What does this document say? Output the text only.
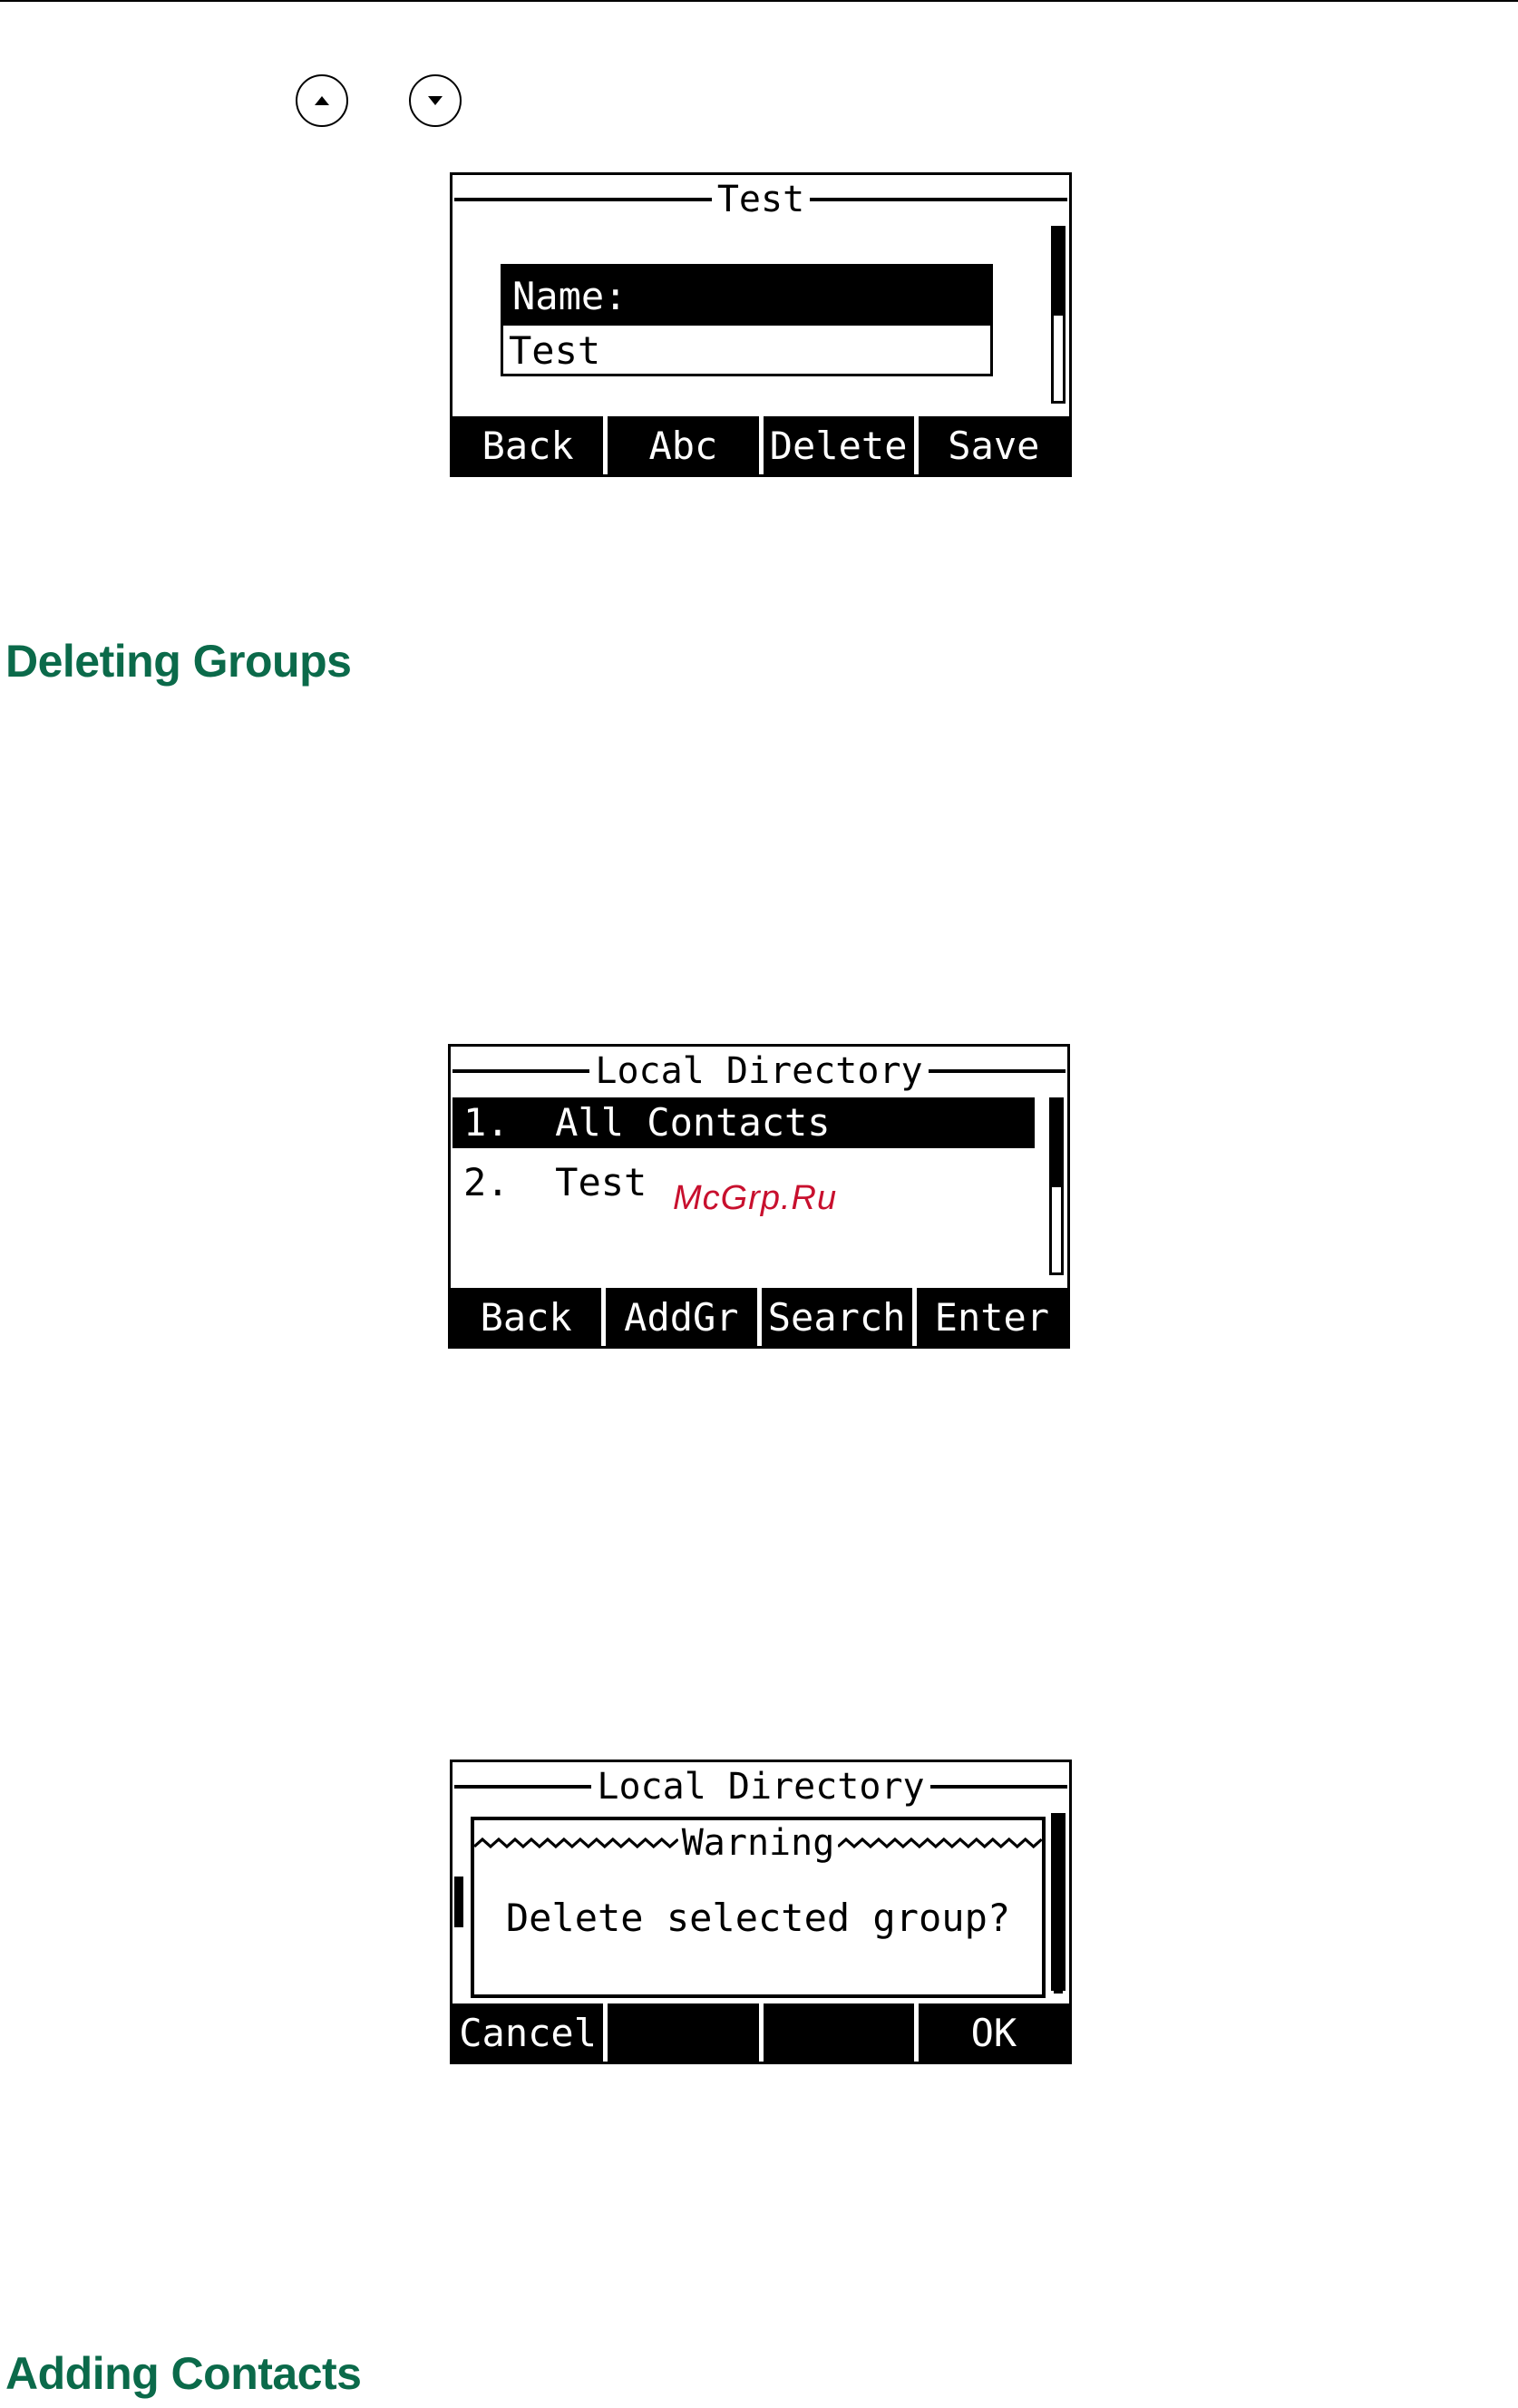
Test
Name:
Test
Back	Abc	Delete	Save
Deleting Groups
Local Directory
1. All Contacts
2. Test
Back	AddGr Search Enter
McGrp.Ru
Local Directory
Warning
Delete selected group?
Cancel	OK
Adding Contacts
